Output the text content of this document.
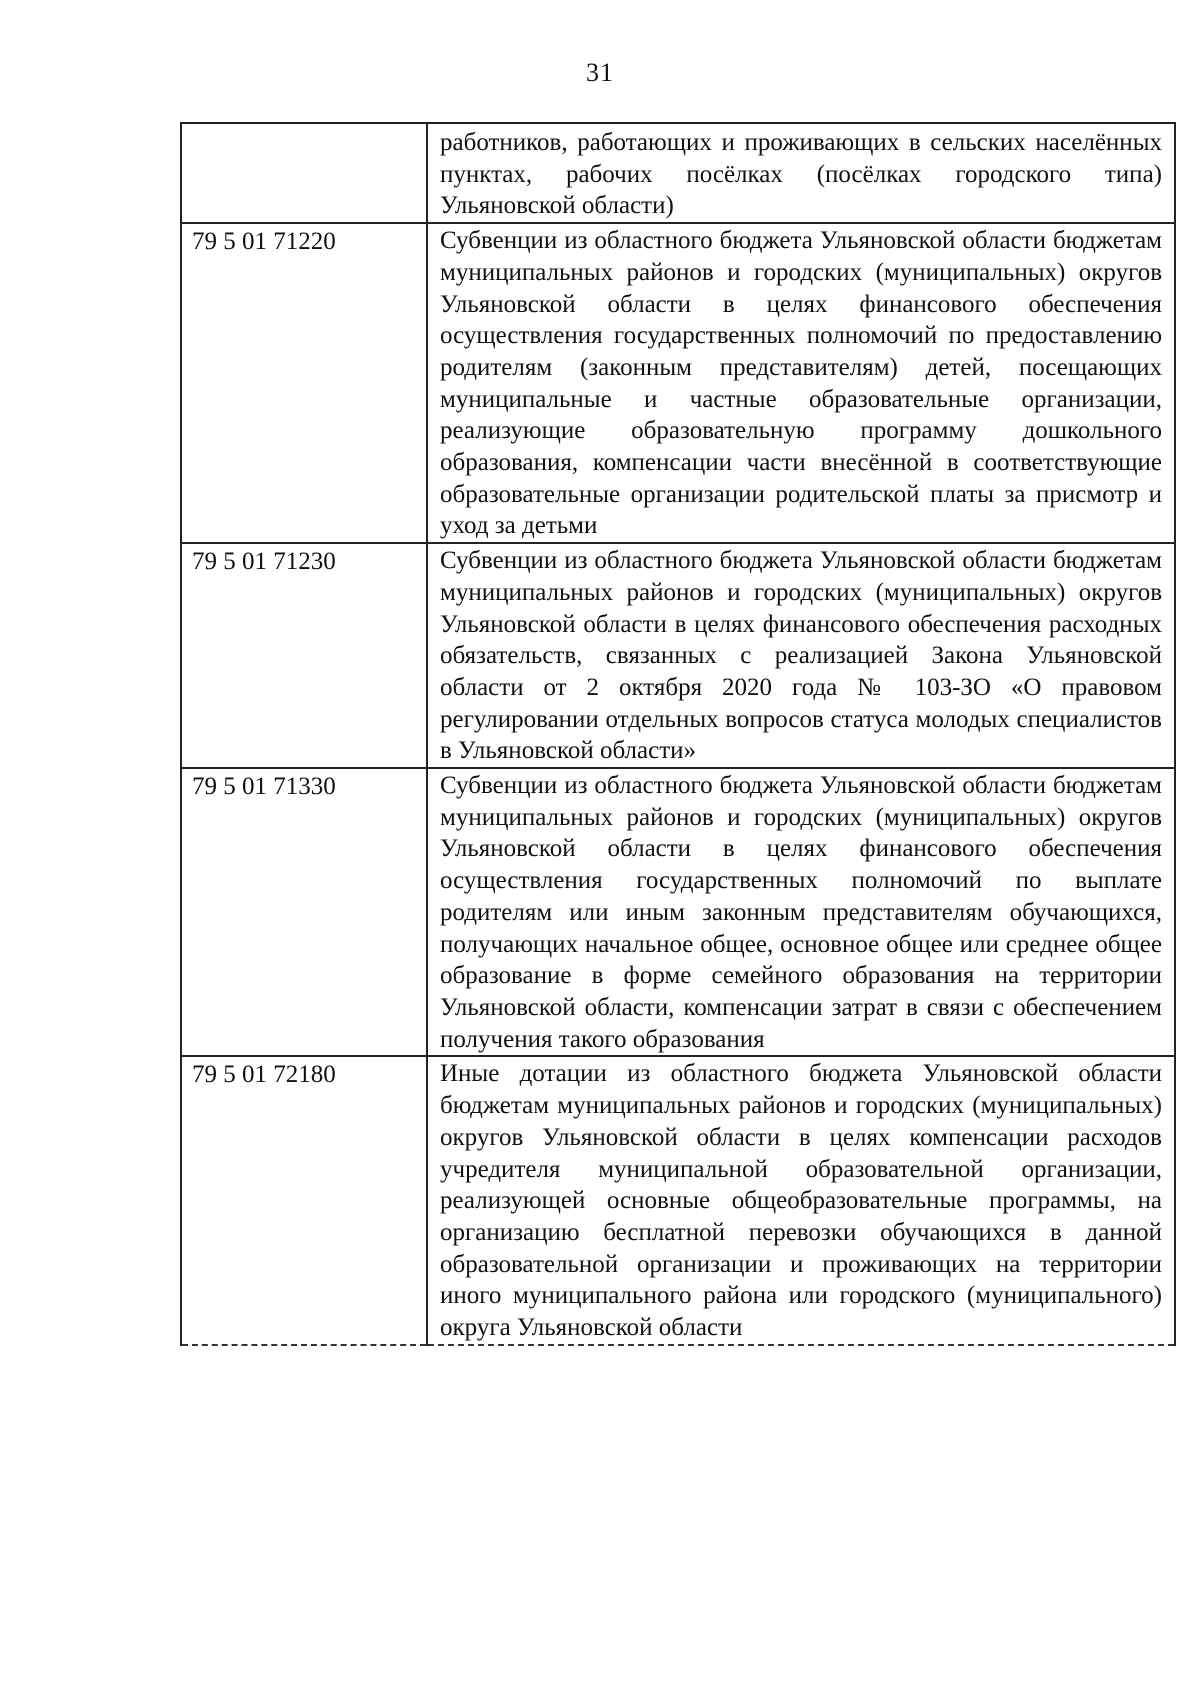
31
	работников, работающих и проживающих в сельских населённых пунктах, рабочих посёлках (посёлках городского типа) Ульяновской области)
79 5 01 71220	Субвенции из областного бюджета Ульяновской области бюджетам муниципальных районов и городских (муниципальных) округов Ульяновской области в целях финансового обеспечения осуществления государственных полномочий по предоставлению родителям (законным представителям) детей, посещающих муниципальные и частные образовательные организации, реализующие образовательную программу дошкольного образования, компенсации части внесённой в соответствующие образовательные организации родительской платы за присмотр и уход за детьми
79 5 01 71230	Субвенции из областного бюджета Ульяновской области бюджетам муниципальных районов и городских (муниципальных) округов Ульяновской области в целях финансового обеспечения расходных обязательств, связанных с реализацией Закона Ульяновской области от 2 октября 2020 года № 103-ЗО «О правовом регулировании отдельных вопросов статуса молодых специалистов в Ульяновской области»
79 5 01 71330	Субвенции из областного бюджета Ульяновской области бюджетам муниципальных районов и городских (муниципальных) округов Ульяновской области в целях финансового обеспечения осуществления государственных полномочий по выплате родителям или иным законным представителям обучающихся, получающих начальное общее, основное общее или среднее общее образование в форме семейного образования на территории Ульяновской области, компенсации затрат в связи с обеспечением получения такого образования
79 5 01 72180	Иные дотации из областного бюджета Ульяновской области бюджетам муниципальных районов и городских (муниципальных) округов Ульяновской области в целях компенсации расходов учредителя муниципальной образовательной организации, реализующей основные общеобразовательные программы, на организацию бесплатной перевозки обучающихся в данной образовательной организации и проживающих на территории иного муниципального района или городского (муниципального) округа Ульяновской области
